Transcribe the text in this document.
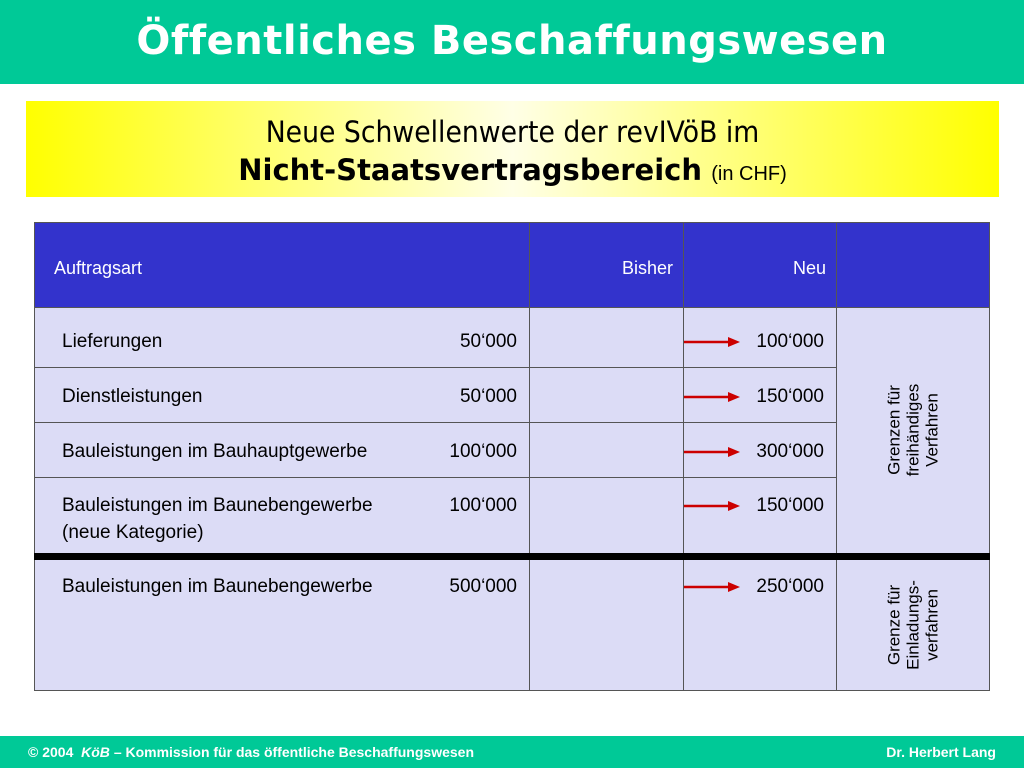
Öffentliches Beschaffungswesen
Neue Schwellenwerte der revIVöB im
Nicht-Staatsvertragsbereich (in CHF)
Auftragsart	Bisher	Neu
Lieferungen	50‘000	100‘000
Dienstleistungen	50‘000	150‘000
Bauleistungen im Bauhauptgewerbe	100‘000	300‘000
Bauleistungen im Baunebengewerbe
(neue Kategorie)
100‘000	150‘000
Grenzen für freihändiges Verfahren
Bauleistungen im Baunebengewerbe	500‘000	250‘000	Grenze für Einladungs- verfahren
© 2004 KöB – Kommission für das öffentliche Beschaffungswesen	Dr. Herbert Lang
